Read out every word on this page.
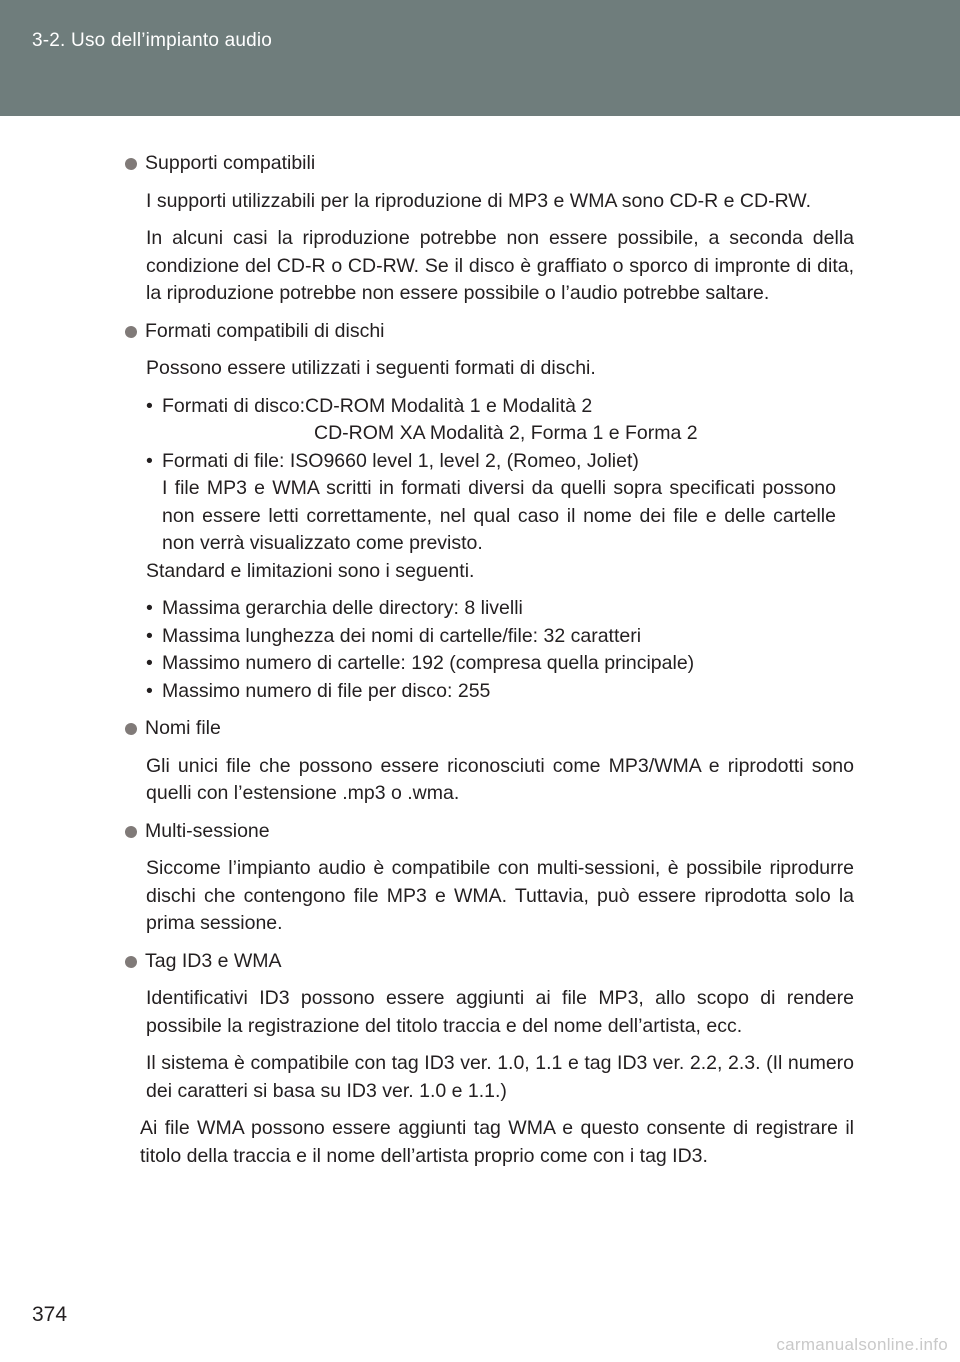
3-2. Uso dell’impianto audio
Supporti compatibili
I supporti utilizzabili per la riproduzione di MP3 e WMA sono CD-R e CD-RW.
In alcuni casi la riproduzione potrebbe non essere possibile, a seconda della condizione del CD-R o CD-RW. Se il disco è graffiato o sporco di impronte di dita, la riproduzione potrebbe non essere possibile o l’audio potrebbe saltare.
Formati compatibili di dischi
Possono essere utilizzati i seguenti formati di dischi.
• Formati di disco:CD-ROM Modalità 1 e Modalità 2
CD-ROM XA Modalità 2, Forma 1 e Forma 2
• Formati di file: ISO9660 level 1, level 2, (Romeo, Joliet)
I file MP3 e WMA scritti in formati diversi da quelli sopra specificati possono non essere letti correttamente, nel qual caso il nome dei file e delle cartelle non verrà visualizzato come previsto.
Standard e limitazioni sono i seguenti.
• Massima gerarchia delle directory: 8 livelli
• Massima lunghezza dei nomi di cartelle/file: 32 caratteri
• Massimo numero di cartelle: 192 (compresa quella principale)
• Massimo numero di file per disco: 255
Nomi file
Gli unici file che possono essere riconosciuti come MP3/WMA e riprodotti sono quelli con l’estensione .mp3 o .wma.
Multi-sessione
Siccome l’impianto audio è compatibile con multi-sessioni, è possibile riprodurre dischi che contengono file MP3 e WMA. Tuttavia, può essere riprodotta solo la prima sessione.
Tag ID3 e WMA
Identificativi ID3 possono essere aggiunti ai file MP3, allo scopo di rendere possibile la registrazione del titolo traccia e del nome dell’artista, ecc.
Il sistema è compatibile con tag ID3 ver. 1.0, 1.1 e tag ID3 ver. 2.2, 2.3. (Il numero dei caratteri si basa su ID3 ver. 1.0 e 1.1.)
Ai file WMA possono essere aggiunti tag WMA e questo consente di registrare il titolo della traccia e il nome dell’artista proprio come con i tag ID3.
374
carmanualsonline.info
